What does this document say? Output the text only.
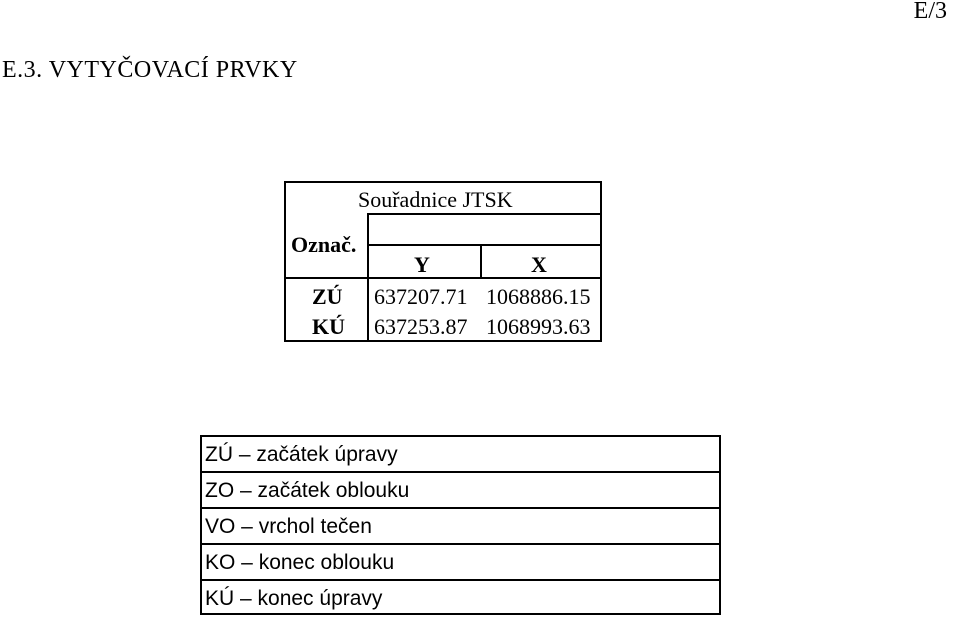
E/3
E.3. VYTYČOVACÍ PRVKY
Souřadnice JTSK
Označ.
Y	X
ZÚ 637207.71 1068886.15
KÚ 637253.87 1068993.63
ZÚ – začátek úpravy
ZO – začátek oblouku
VO – vrchol tečen
KO – konec oblouku
KÚ – konec úpravy
